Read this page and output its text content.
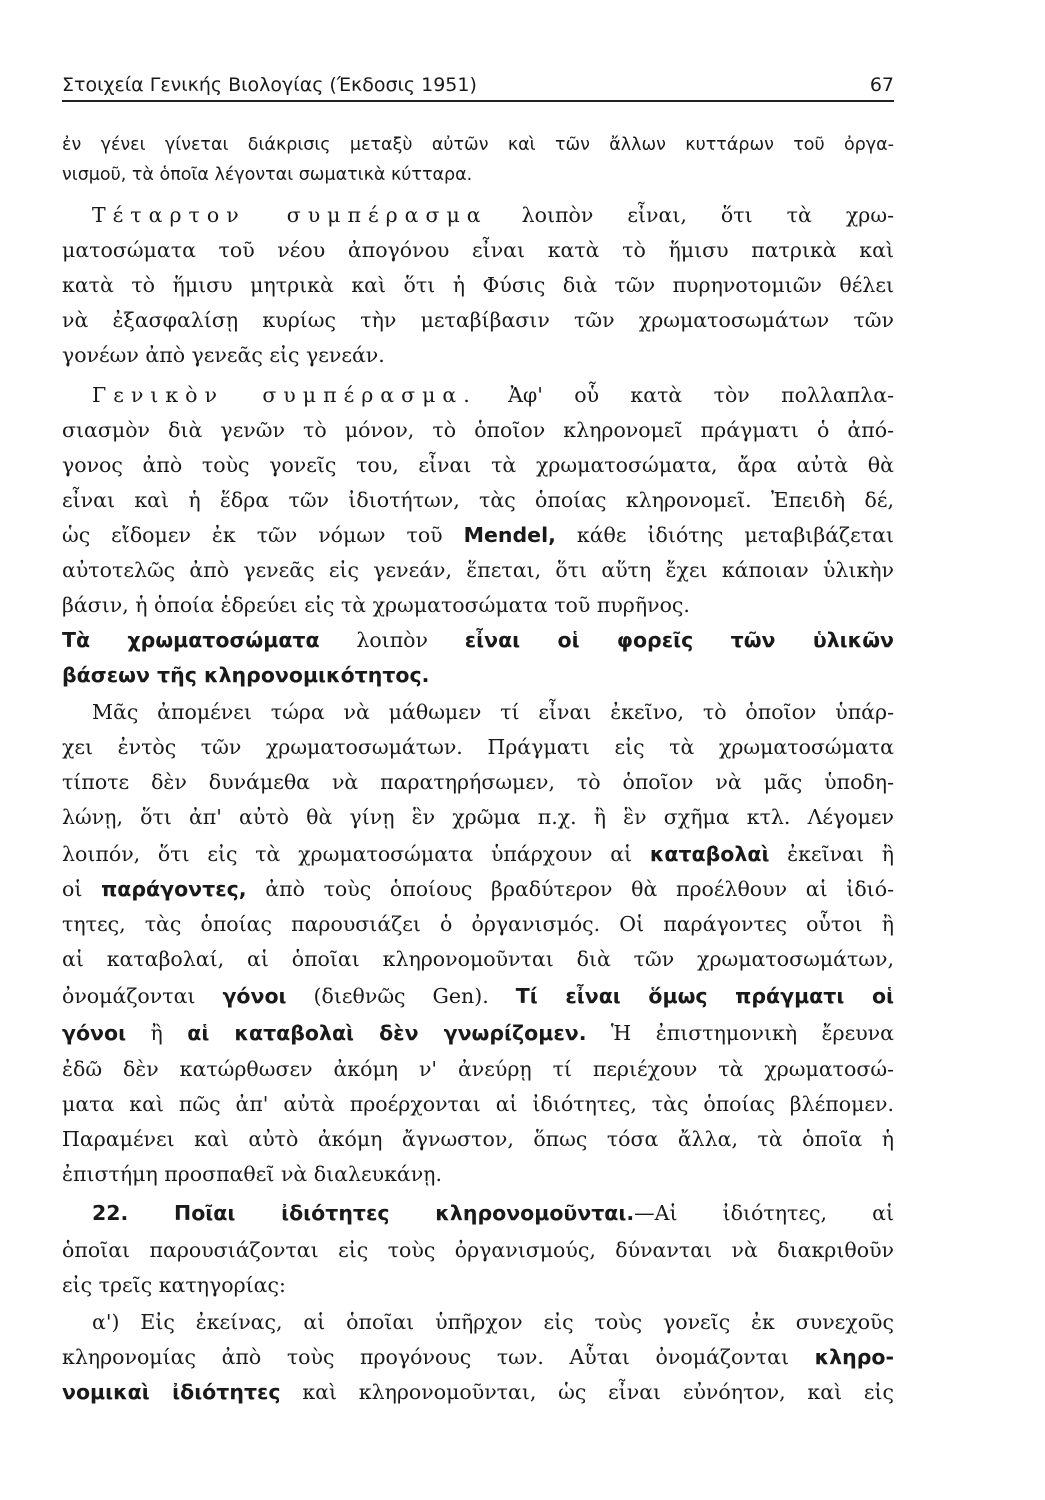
Στοιχεία Γενικής Βιολογίας (Έκδοσις 1951)	67
ἐν γένει γίνεται διάκρισις μεταξὺ αὐτῶν καὶ τῶν ἄλλων κυττάρων τοῦ ὀργα-
νισμοῦ, τὰ ὁποῖα λέγονται σωματικὰ κύτταρα.
Τέταρτον συμπέρασμα λοιπὸν εἶναι, ὅτι τὰ χρω-
ματοσώματα τοῦ νέου ἀπογόνου εἶναι κατὰ τὸ ἥμισυ πατρικὰ καὶ
κατὰ τὸ ἥμισυ μητρικὰ καὶ ὅτι ἡ Φύσις διὰ τῶν πυρηνοτομιῶν θέλει
νὰ ἐξασφαλίσῃ κυρίως τὴν μεταβίβασιν τῶν χρωματοσωμάτων τῶν
γονέων ἀπὸ γενεᾶς εἰς γενεάν.
Γενικὸν συμπέρασμα. Ἀφ' οὗ κατὰ τὸν πολλαπλα-
σιασμὸν διὰ γενῶν τὸ μόνον, τὸ ὁποῖον κληρονομεῖ πράγματι ὁ ἀπό-
γονος ἀπὸ τοὺς γονεῖς του, εἶναι τὰ χρωματοσώματα, ἄρα αὐτὰ θὰ
εἶναι καὶ ἡ ἕδρα τῶν ἰδιοτήτων, τὰς ὁποίας κληρονομεῖ. Ἐπειδὴ δέ,
ὡς εἴδομεν ἐκ τῶν νόμων τοῦ Mendel, κάθε ἰδιότης μεταβιβάζεται
αὐτοτελῶς ἀπὸ γενεᾶς εἰς γενεάν, ἕπεται, ὅτι αὕτη ἔχει κάποιαν ὑλικὴν
βάσιν, ἡ ὁποία ἑδρεύει εἰς τὰ χρωματοσώματα τοῦ πυρῆνος.
Τὰ χρωματοσώματα λοιπὸν εἶναι οἱ φορεῖς τῶν ὑλικῶν
βάσεων τῆς κληρονομικότητος.
Μᾶς ἀπομένει τώρα νὰ μάθωμεν τί εἶναι ἐκεῖνο, τὸ ὁποῖον ὑπάρ-
χει ἐντὸς τῶν χρωματοσωμάτων. Πράγματι εἰς τὰ χρωματοσώματα
τίποτε δὲν δυνάμεθα νὰ παρατηρήσωμεν, τὸ ὁποῖον νὰ μᾶς ὑποδη-
λώνῃ, ὅτι ἀπ' αὐτὸ θὰ γίνῃ ἓν χρῶμα π.χ. ἢ ἓν σχῆμα κτλ. Λέγομεν
λοιπόν, ὅτι εἰς τὰ χρωματοσώματα ὑπάρχουν αἱ καταβολαὶ ἐκεῖναι ἢ
οἱ παράγοντες, ἀπὸ τοὺς ὁποίους βραδύτερον θὰ προέλθουν αἱ ἰδιό-
τητες, τὰς ὁποίας παρουσιάζει ὁ ὀργανισμός. Οἱ παράγοντες οὗτοι ἢ
αἱ καταβολαί, αἱ ὁποῖαι κληρονομοῦνται διὰ τῶν χρωματοσωμάτων,
ὀνομάζονται γόνοι (διεθνῶς Gen). Τί εἶναι ὅμως πράγματι οἱ
γόνοι ἢ αἱ καταβολαὶ δὲν γνωρίζομεν. Ἡ ἐπιστημονικὴ ἔρευνα
ἐδῶ δὲν κατώρθωσεν ἀκόμη ν' ἀνεύρῃ τί περιέχουν τὰ χρωματοσώ-
ματα καὶ πῶς ἀπ' αὐτὰ προέρχονται αἱ ἰδιότητες, τὰς ὁποίας βλέπομεν.
Παραμένει καὶ αὐτὸ ἀκόμη ἄγνωστον, ὅπως τόσα ἄλλα, τὰ ὁποῖα ἡ
ἐπιστήμη προσπαθεῖ νὰ διαλευκάνῃ.
22. Ποῖαι ἰδιότητες κληρονομοῦνται.—Αἱ ἰδιότητες, αἱ
ὁποῖαι παρουσιάζονται εἰς τοὺς ὀργανισμούς, δύνανται νὰ διακριθοῦν
εἰς τρεῖς κατηγορίας:
α') Εἰς ἐκείνας, αἱ ὁποῖαι ὑπῆρχον εἰς τοὺς γονεῖς ἐκ συνεχοῦς
κληρονομίας ἀπὸ τοὺς προγόνους των. Αὗται ὀνομάζονται κληρο-
νομικαὶ ἰδιότητες καὶ κληρονομοῦνται, ὡς εἶναι εὐνόητον, καὶ εἰς
